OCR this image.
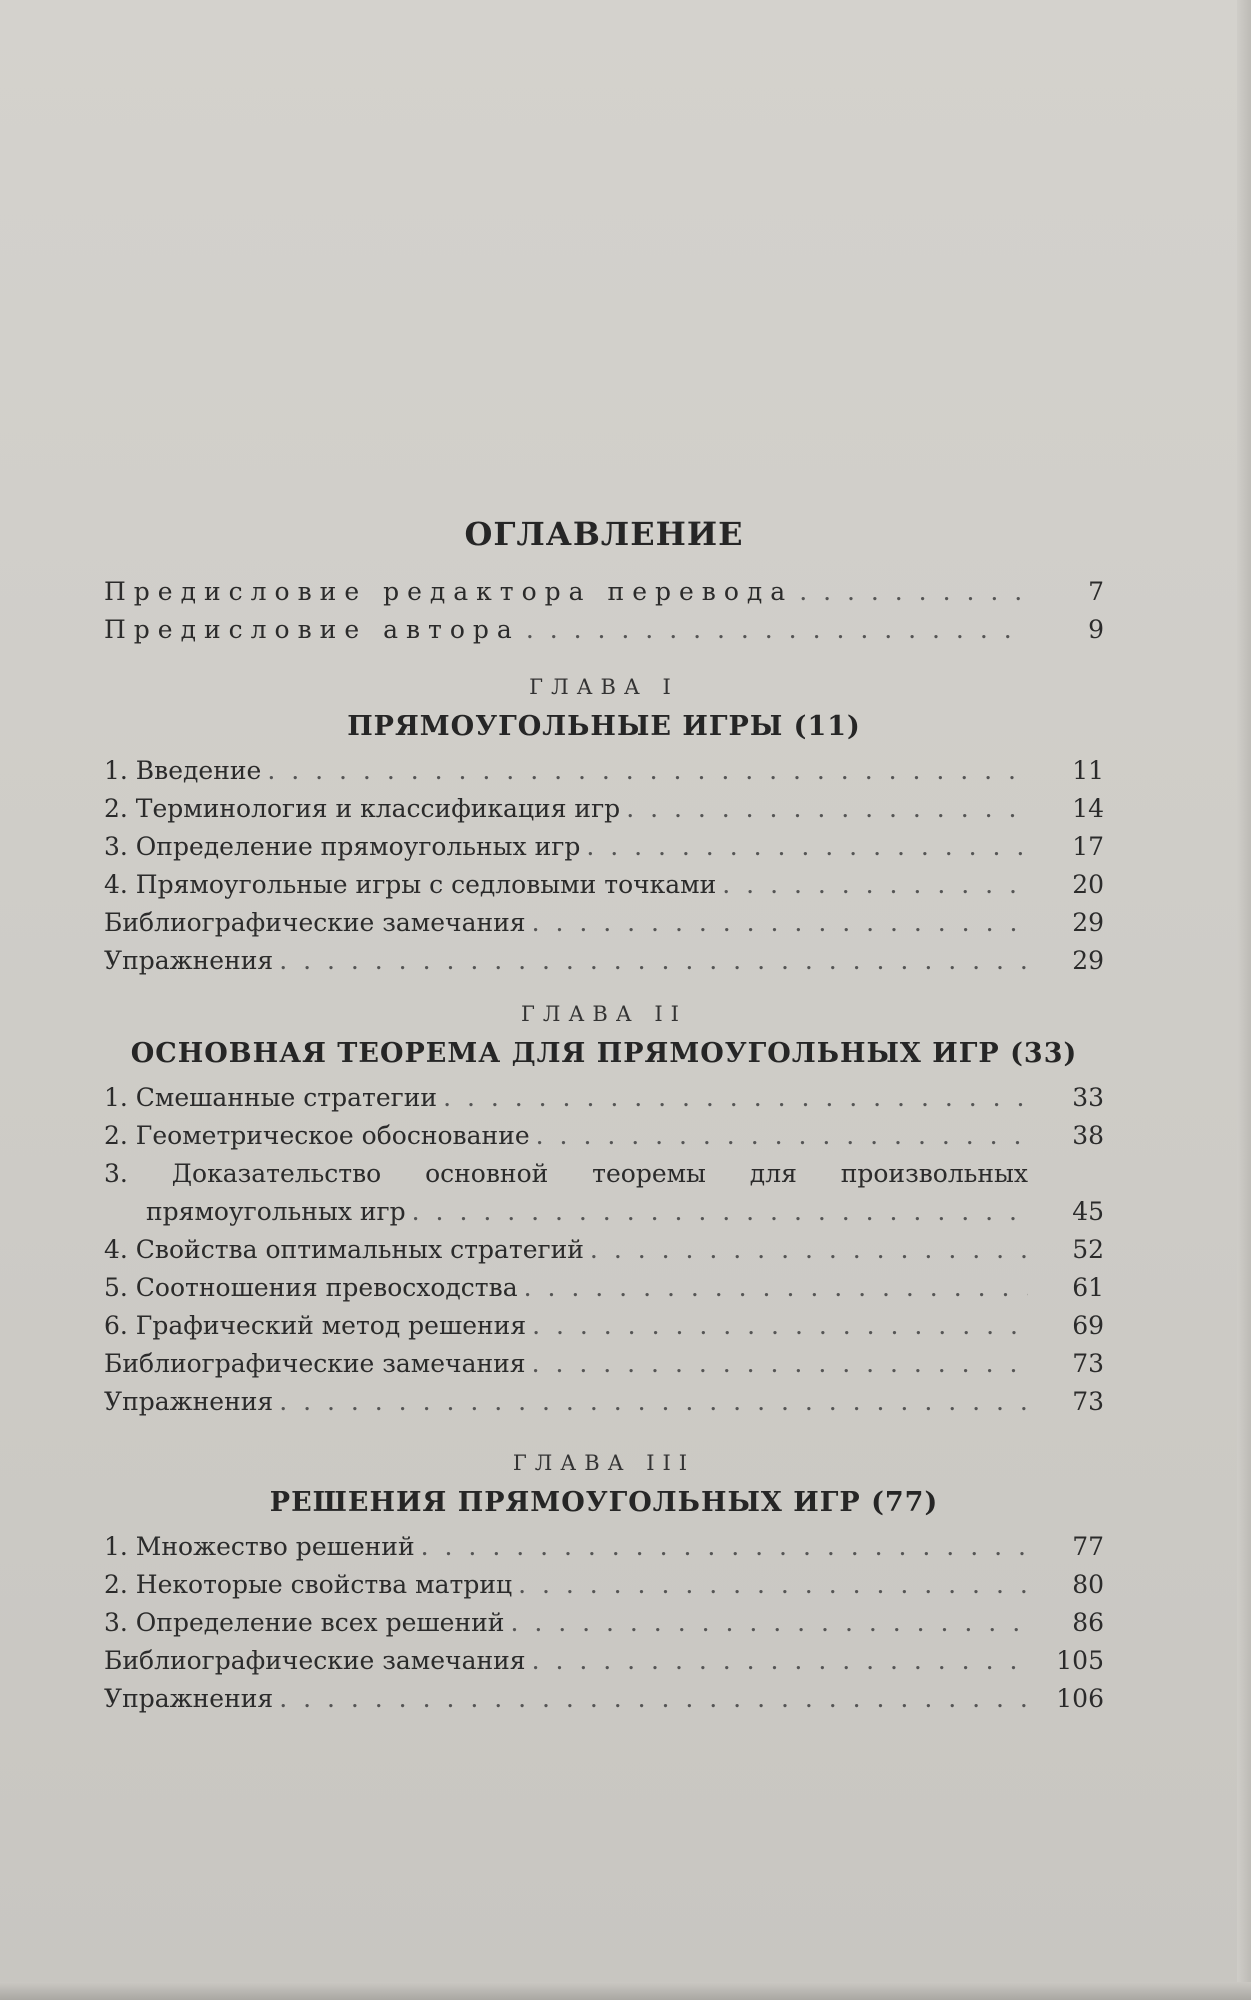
ОГЛАВЛЕНИЕ
Предисловие редактора перевода . . .	7
Предисловие автора . . .	9
ГЛАВА I
ПРЯМОУГОЛЬНЫЕ ИГРЫ (11)
1. Введение . . .	11
2. Терминология и классификация игр . . .	14
3. Определение прямоугольных игр . . .	17
4. Прямоугольные игры с седловыми точками . . .	20
Библиографические замечания . . .	29
Упражнения . . .	29
ГЛАВА II
ОСНОВНАЯ ТЕОРЕМА ДЛЯ ПРЯМОУГОЛЬНЫХ ИГР (33)
1. Смешанные стратегии . . .	33
2. Геометрическое обоснование . . .	38
3. Доказательство основной теоремы для произвольных
прямоугольных игр . . .	45
4. Свойства оптимальных стратегий . . .	52
5. Соотношения превосходства . . .	61
6. Графический метод решения . . .	69
Библиографические замечания . . .	73
Упражнения . . .	73
ГЛАВА III
РЕШЕНИЯ ПРЯМОУГОЛЬНЫХ ИГР (77)
1. Множество решений . . .	77
2. Некоторые свойства матриц . . .	80
3. Определение всех решений . . .	86
Библиографические замечания . . .	105
Упражнения . . .	106
